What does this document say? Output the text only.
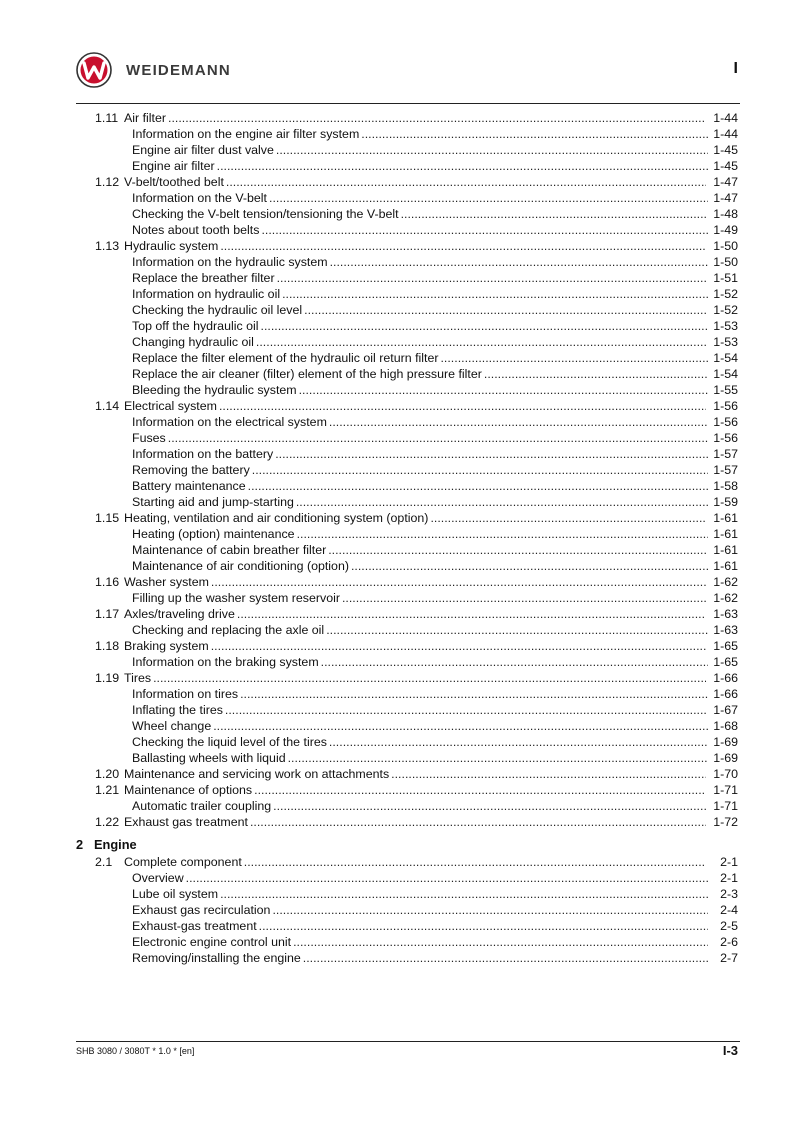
WEIDEMANN	I
1.11 Air filter .....	1-44
Information on the engine air filter system .....	1-44
Engine air filter dust valve .....	1-45
Engine air filter .....	1-45
1.12 V-belt/toothed belt .....	1-47
Information on the V-belt .....	1-47
Checking the V-belt tension/tensioning the V-belt .....	1-48
Notes about tooth belts .....	1-49
1.13 Hydraulic system .....	1-50
Information on the hydraulic system .....	1-50
Replace the breather filter .....	1-51
Information on hydraulic oil .....	1-52
Checking the hydraulic oil level .....	1-52
Top off the hydraulic oil .....	1-53
Changing hydraulic oil .....	1-53
Replace the filter element of the hydraulic oil return filter .....	1-54
Replace the air cleaner (filter) element of the high pressure filter .....	1-54
Bleeding the hydraulic system .....	1-55
1.14 Electrical system .....	1-56
Information on the electrical system .....	1-56
Fuses .....	1-56
Information on the battery .....	1-57
Removing the battery .....	1-57
Battery maintenance .....	1-58
Starting aid and jump-starting .....	1-59
1.15 Heating, ventilation and air conditioning system (option) .....	1-61
Heating (option) maintenance .....	1-61
Maintenance of cabin breather filter .....	1-61
Maintenance of air conditioning (option) .....	1-61
1.16 Washer system .....	1-62
Filling up the washer system reservoir .....	1-62
1.17 Axles/traveling drive .....	1-63
Checking and replacing the axle oil .....	1-63
1.18 Braking system .....	1-65
Information on the braking system .....	1-65
1.19 Tires .....	1-66
Information on tires .....	1-66
Inflating the tires .....	1-67
Wheel change .....	1-68
Checking the liquid level of the tires .....	1-69
Ballasting wheels with liquid .....	1-69
1.20 Maintenance and servicing work on attachments .....	1-70
1.21 Maintenance of options .....	1-71
Automatic trailer coupling .....	1-71
1.22 Exhaust gas treatment .....	1-72
2 Engine
2.1 Complete component .....	2-1
Overview .....	2-1
Lube oil system .....	2-3
Exhaust gas recirculation .....	2-4
Exhaust-gas treatment .....	2-5
Electronic engine control unit .....	2-6
Removing/installing the engine .....	2-7
SHB 3080 / 3080T * 1.0 * [en]	I-3
